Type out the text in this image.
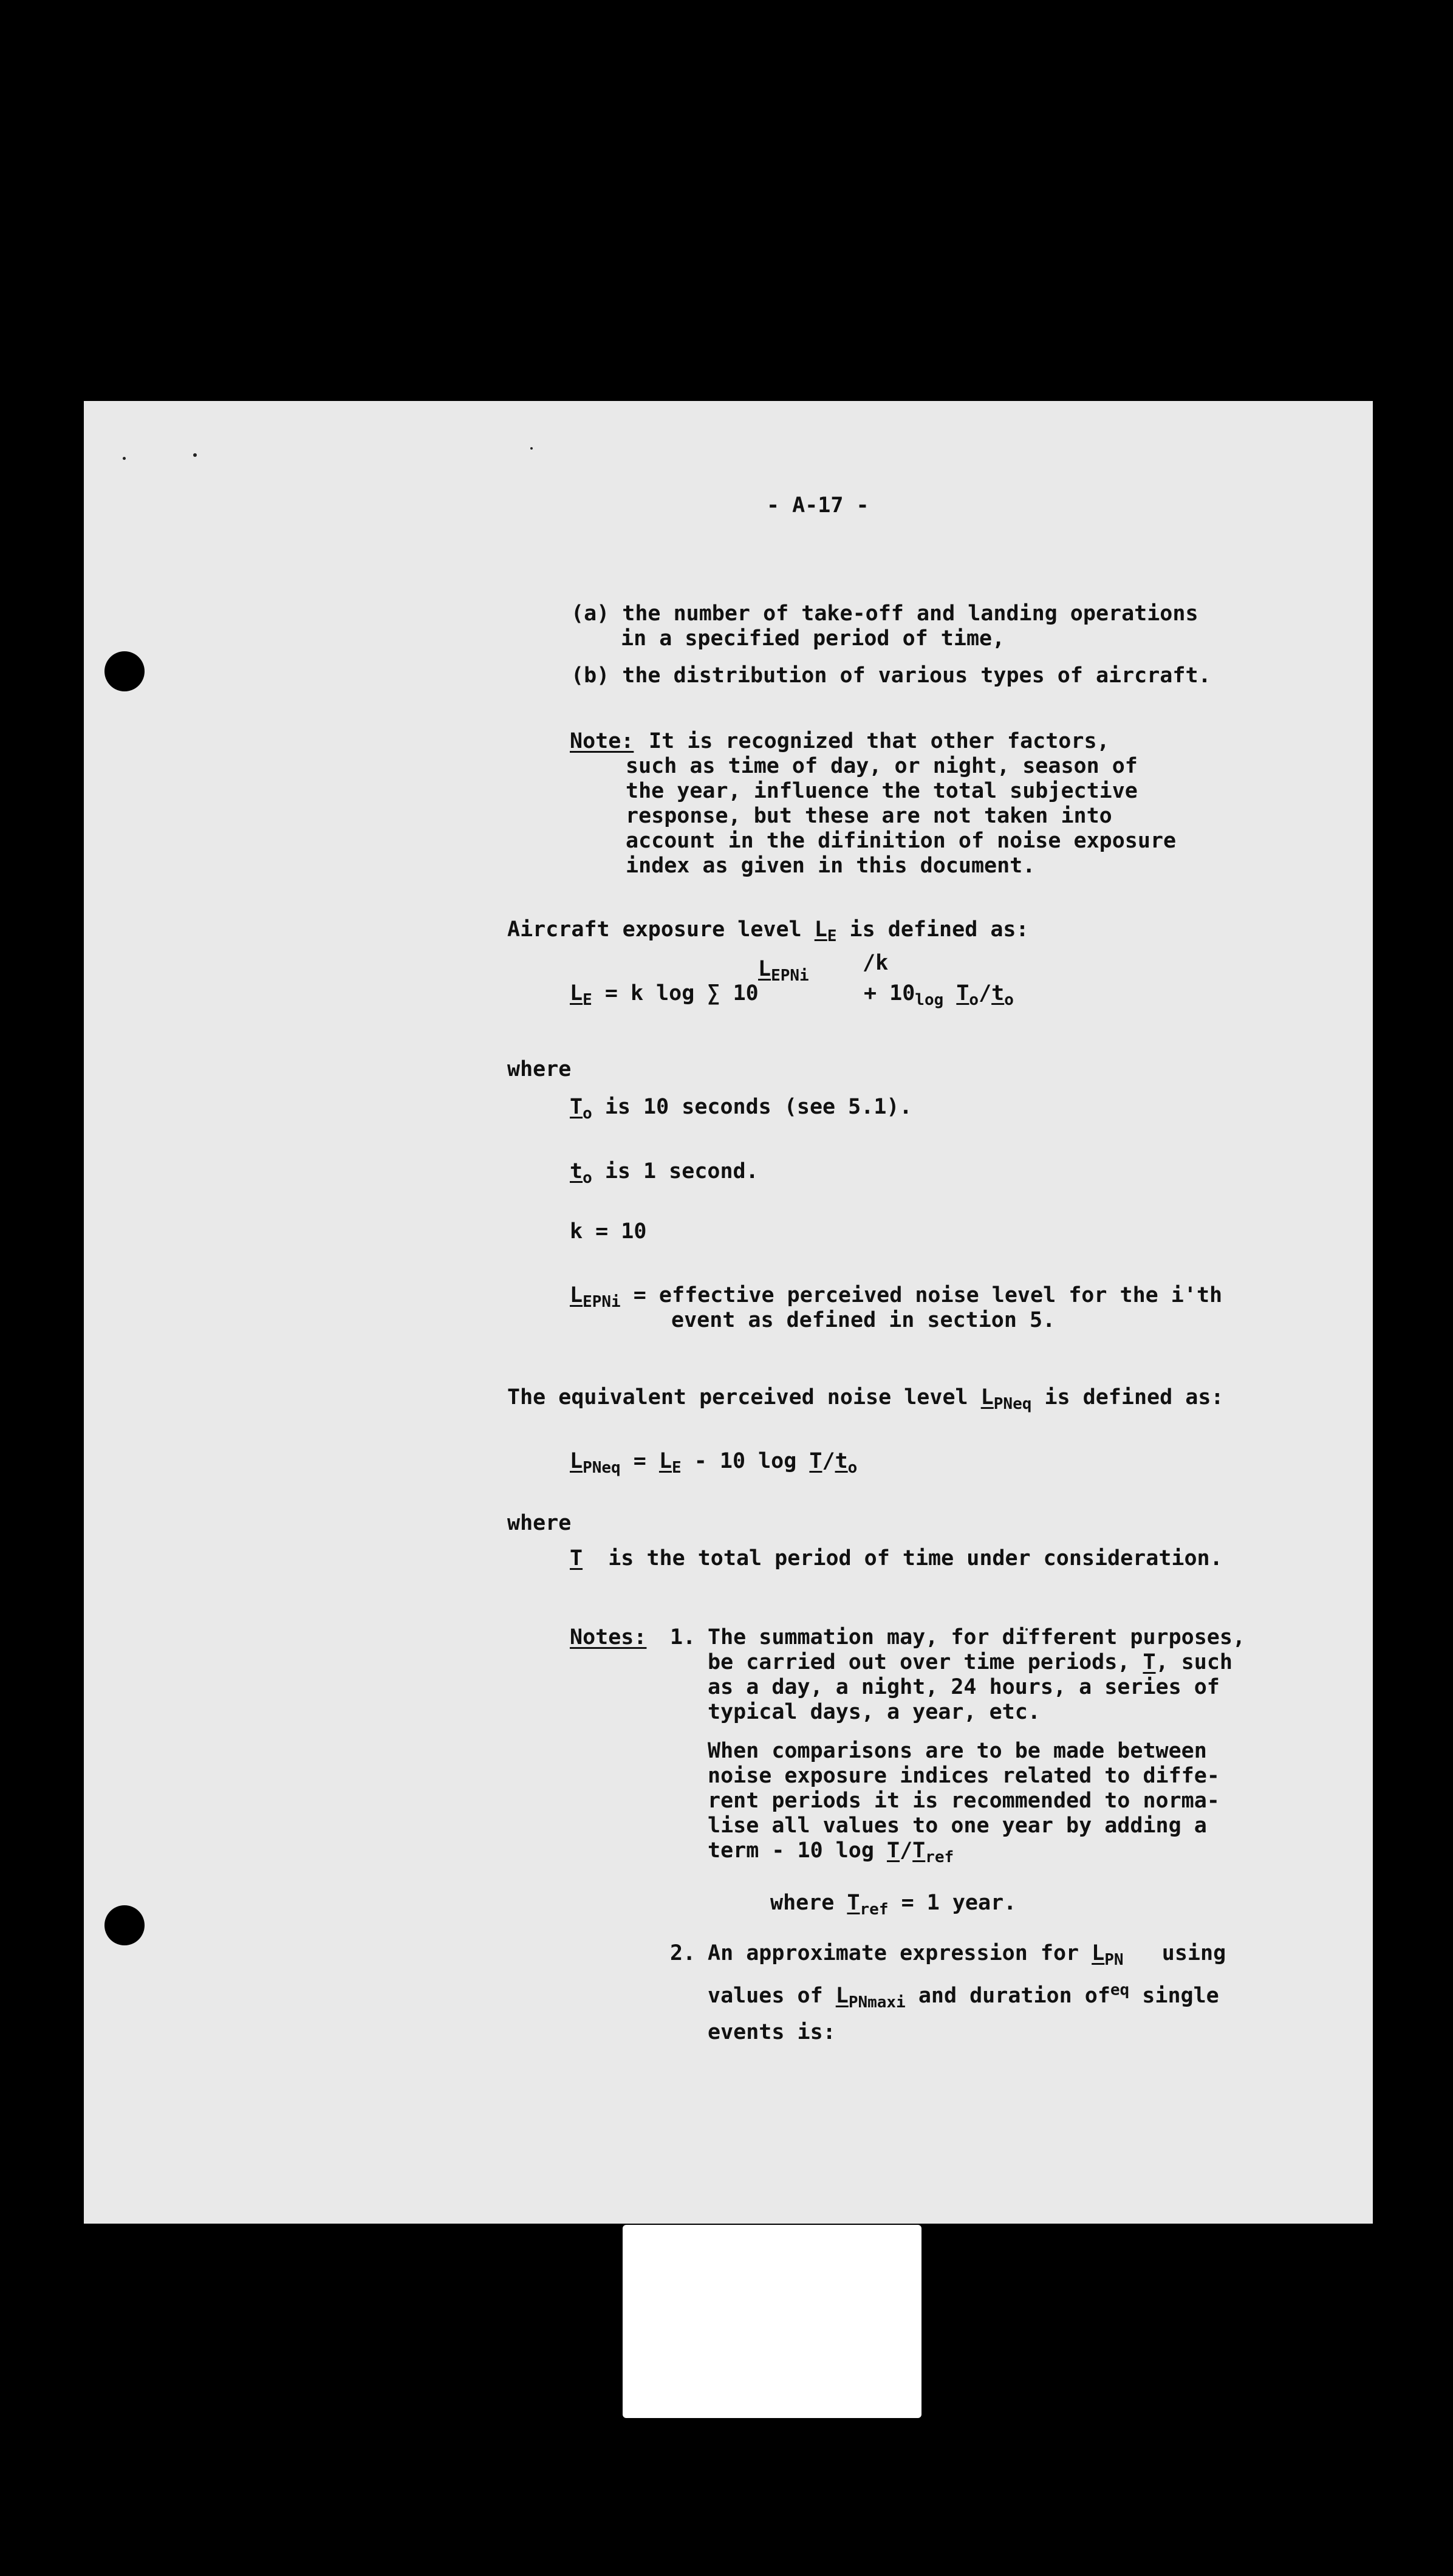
- A-17 -
(a) the number of take-off and landing operations
in a specified period of time,
(b) the distribution of various types of aircraft.
Note: It is recognized that other factors,
such as time of day, or night, season of
the year, influence the total subjective
response, but these are not taken into
account in the difinition of noise exposure
index as given in this document.
Aircraft exposure level $L_E$ is defined as:
$L_{EPNi}$
/k
$L_E = k$ log ∑ 10	+ $10_{log}$ $T_o/t_o$
where
$T_o$ is 10 seconds (see 5.1).
$t_o$ is 1 second.
k = 10
$L_{EPNi}$ = effective perceived noise level for the i'th
event as defined in section 5.
The equivalent perceived noise level $L_{PNeq}$ is defined as:
$L_{PNeq} = L_E - 10$ $\log T/t_o$
where
T is the total period of time under consideration.
Notes: 1. The summation may, for different purposes,
be carried out over time periods, T, such
as a day, a night, 24 hours, a series of
typical days, a year, etc.
When comparisons are to be made between
noise exposure indices related to diffe-
rent periods it is recommended to norma-
lise all values to one year by adding a
term - 10 $\log T/T_{ref}$
where $T_{ref} = 1$ year.
2. An approximate expression for $L_{PN}$ using
values of $L_{PNmaxi}$ and duration $of^{eq}$ single
events is:
